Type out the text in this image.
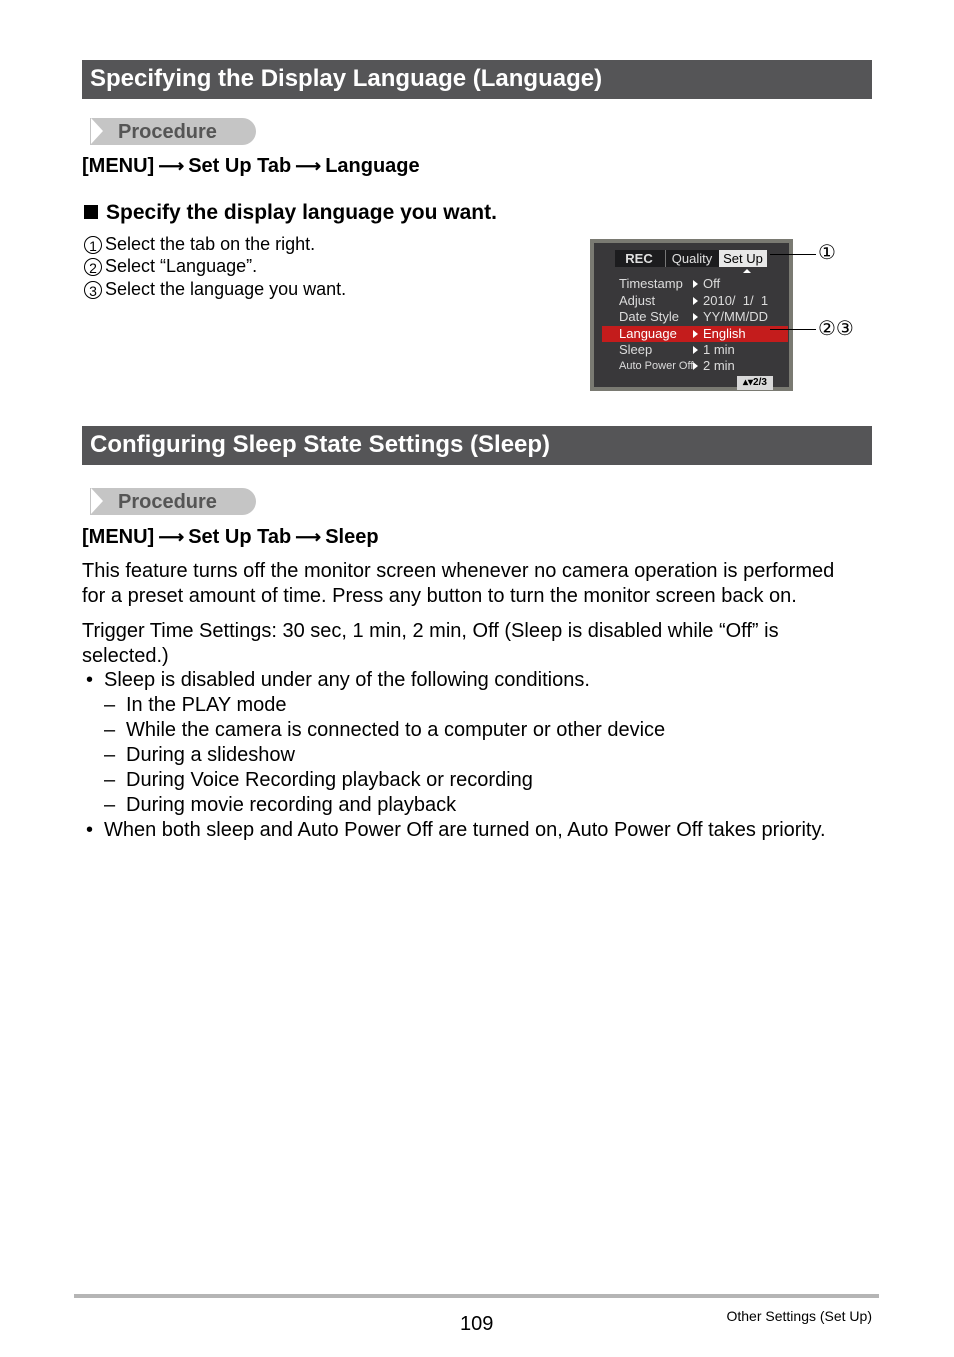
Specifying the Display Language (Language)
Procedure
[MENU] ⟶ Set Up Tab ⟶ Language
Specify the display language you want.
1 Select the tab on the right.
2 Select “Language”.
3 Select the language you want.
REC	Quality Set Up
Timestamp Off
Adjust	2010/  1/  1
Date Style YY/MM/DD
Language English
Sleep	1 min
Auto Power Off 2 min
▴▾2/3
①
②③
Configuring Sleep State Settings (Sleep)
Procedure
[MENU] ⟶ Set Up Tab ⟶ Sleep
This feature turns off the monitor screen whenever no camera operation is performed
for a preset amount of time. Press any button to turn the monitor screen back on.
Trigger Time Settings: 30 sec, 1 min, 2 min, Off (Sleep is disabled while “Off” is
selected.)
• Sleep is disabled under any of the following conditions.
– In the PLAY mode
– While the camera is connected to a computer or other device
– During a slideshow
– During Voice Recording playback or recording
– During movie recording and playback
• When both sleep and Auto Power Off are turned on, Auto Power Off takes priority.
109	Other Settings (Set Up)
